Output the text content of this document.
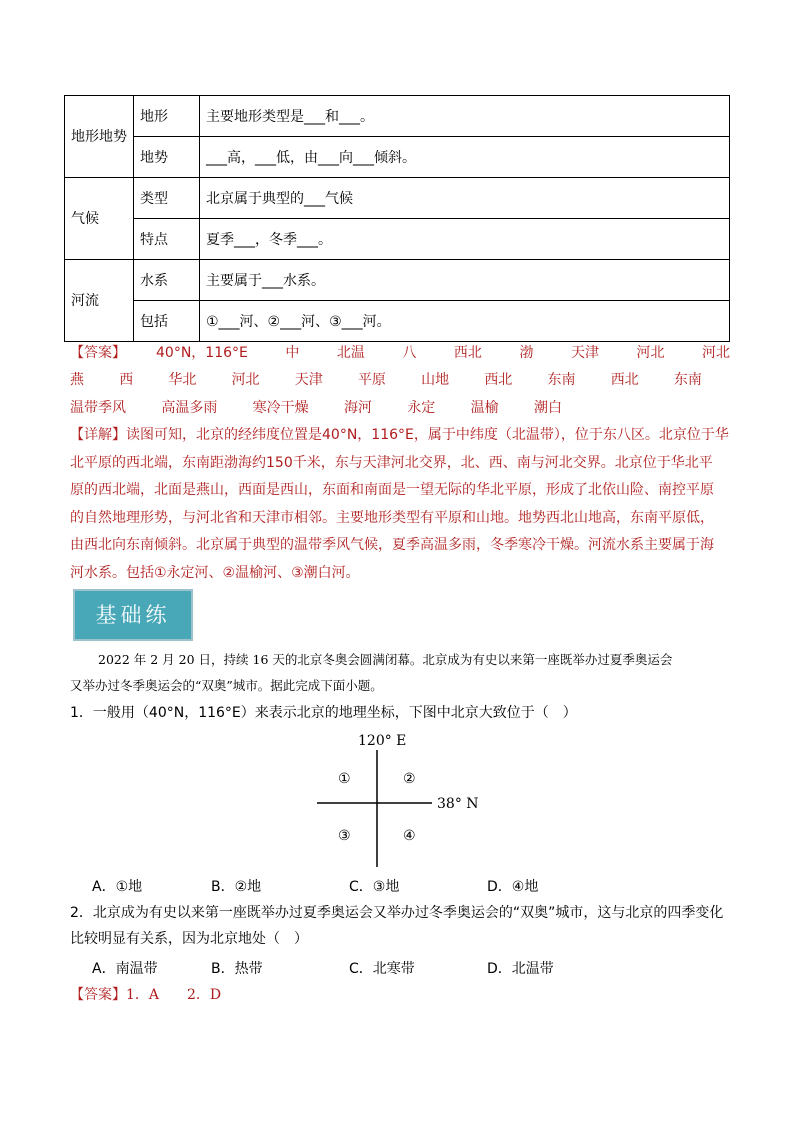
地形地势	地形	主要地形类型是___和___。
	地势	___高，___低，由___向___倾斜。
气候	类型	北京属于典型的___气候
	特点	夏季___，冬季___。
河流	水系	主要属于___水系。
	包括	①___河、②___河、③___河。
【答案】 40°N，116°E	中	北温	八	西北	渤	天津	河北	河北
燕	西	华北	河北	天津	平原	山地	西北	东南	西北	东南
温带季风	高温多雨	寒冷干燥	海河	永定	温榆	潮白
【详解】读图可知，北京的经纬度位置是40°N，116°E，属于中纬度（北温带），位于东八区。北京位于华
北平原的西北端，东南距渤海约150千米，东与天津河北交界，北、西、南与河北交界。北京位于华北平
原的西北端，北面是燕山，西面是西山，东面和南面是一望无际的华北平原，形成了北依山险、南控平原
的自然地理形势，与河北省和天津市相邻。主要地形类型有平原和山地。地势西北山地高，东南平原低，
由西北向东南倾斜。北京属于典型的温带季风气候，夏季高温多雨，冬季寒冷干燥。河流水系主要属于海
河水系。包括①永定河、②温榆河、③潮白河。
基础练
2022 年 2 月 20 日，持续 16 天的北京冬奥会圆满闭幕。北京成为有史以来第一座既举办过夏季奥运会
又举办过冬季奥运会的“双奥”城市。据此完成下面小题。
1．一般用（40°N，116°E）来表示北京的地理坐标，下图中北京大致位于（　）
120° E
38° N
①	②
③	④
A．①地	B．②地	C．③地	D．④地
2．北京成为有史以来第一座既举办过夏季奥运会又举办过冬季奥运会的“双奥”城市，这与北京的四季变化
比较明显有关系，因为北京地处（　）
A．南温带	B．热带	C．北寒带	D．北温带
【答案】1．A　　2．D
